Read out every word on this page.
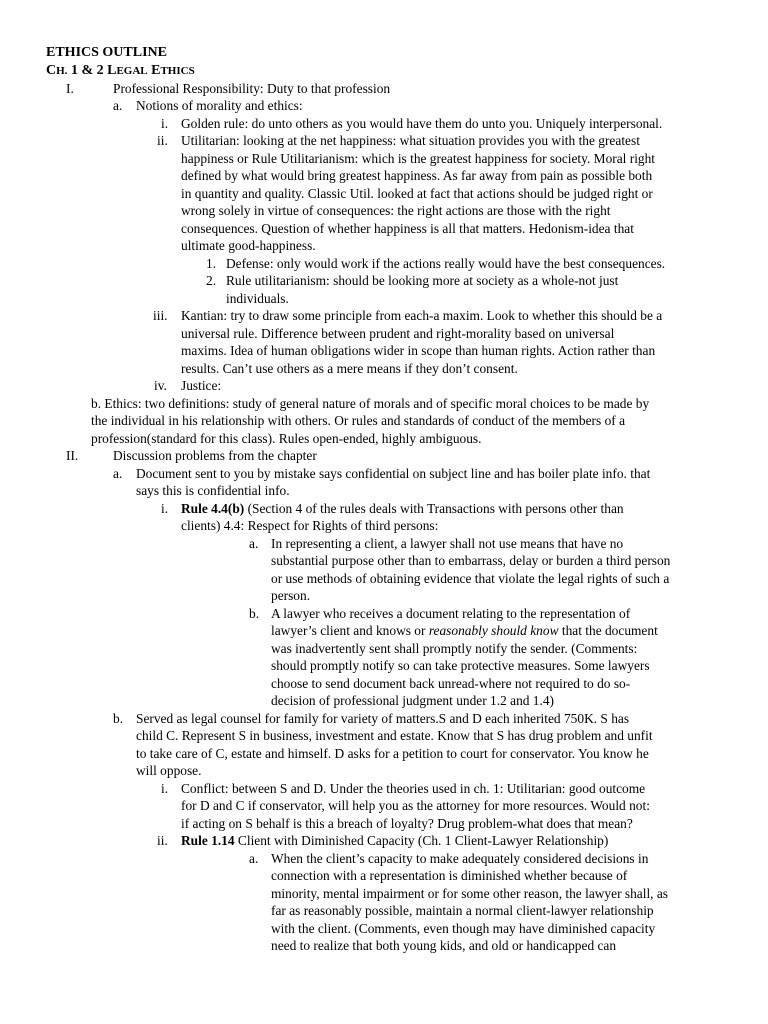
ETHICS OUTLINE
CH. 1 & 2 LEGAL ETHICS
I.	Professional Responsibility: Duty to that profession
a. Notions of morality and ethics:
i. Golden rule: do unto others as you would have them do unto you. Uniquely interpersonal.
ii. Utilitarian: looking at the net happiness: what situation provides you with the greatest
happiness or Rule Utilitarianism: which is the greatest happiness for society. Moral right
defined by what would bring greatest happiness. As far away from pain as possible both
in quantity and quality. Classic Util. looked at fact that actions should be judged right or
wrong solely in virtue of consequences: the right actions are those with the right
consequences. Question of whether happiness is all that matters. Hedonism-idea that
ultimate good-happiness.
1. Defense: only would work if the actions really would have the best consequences.
2. Rule utilitarianism: should be looking more at society as a whole-not just
individuals.
iii. Kantian: try to draw some principle from each-a maxim. Look to whether this should be a
universal rule. Difference between prudent and right-morality based on universal
maxims. Idea of human obligations wider in scope than human rights. Action rather than
results. Can’t use others as a mere means if they don’t consent.
iv. Justice:
b. Ethics: two definitions: study of general nature of morals and of specific moral choices to be made by
the individual in his relationship with others. Or rules and standards of conduct of the members of a
profession(standard for this class). Rules open-ended, highly ambiguous.
II.	Discussion problems from the chapter
a. Document sent to you by mistake says confidential on subject line and has boiler plate info. that
says this is confidential info.
i. Rule 4.4(b) (Section 4 of the rules deals with Transactions with persons other than
clients) 4.4: Respect for Rights of third persons:
a. In representing a client, a lawyer shall not use means that have no
substantial purpose other than to embarrass, delay or burden a third person
or use methods of obtaining evidence that violate the legal rights of such a
person.
b. A lawyer who receives a document relating to the representation of
lawyer’s client and knows or reasonably should know that the document
was inadvertently sent shall promptly notify the sender. (Comments:
should promptly notify so can take protective measures. Some lawyers
choose to send document back unread-where not required to do so-
decision of professional judgment under 1.2 and 1.4)
b. Served as legal counsel for family for variety of matters.S and D each inherited 750K. S has
child C. Represent S in business, investment and estate. Know that S has drug problem and unfit
to take care of C, estate and himself. D asks for a petition to court for conservator. You know he
will oppose.
i. Conflict: between S and D. Under the theories used in ch. 1: Utilitarian: good outcome
for D and C if conservator, will help you as the attorney for more resources. Would not:
if acting on S behalf is this a breach of loyalty? Drug problem-what does that mean?
ii. Rule 1.14 Client with Diminished Capacity (Ch. 1 Client-Lawyer Relationship)
a. When the client’s capacity to make adequately considered decisions in
connection with a representation is diminished whether because of
minority, mental impairment or for some other reason, the lawyer shall, as
far as reasonably possible, maintain a normal client-lawyer relationship
with the client. (Comments, even though may have diminished capacity
need to realize that both young kids, and old or handicapped can
